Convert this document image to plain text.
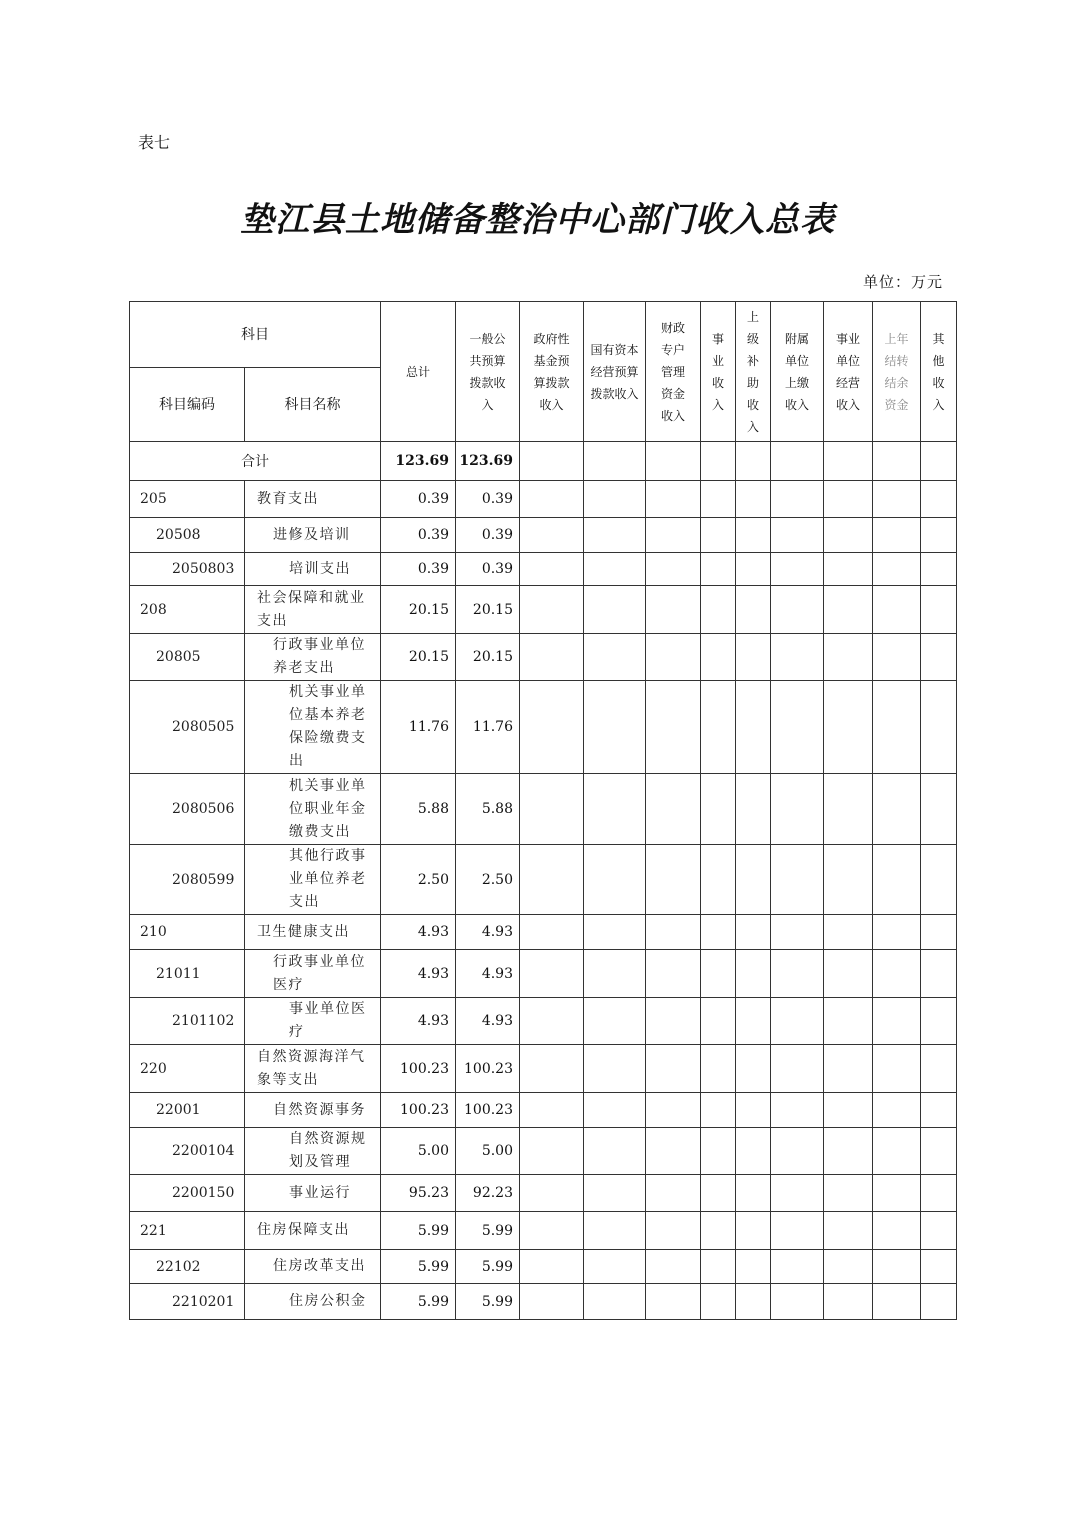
表七
垫江县土地储备整治中心部门收入总表
单位：万元
科目		总计	一般公共预算拨款收入	政府性基金预算拨款收入	国有资本经营预算拨款收入	财政专户管理资金收入	事业收入	上级补助收入	附属单位上缴收入	事业单位经营收入	上年结转结余资金	其他收入
科目编码	科目名称											
合计		123.69	123.69									
205	教育支出	0.39	0.39									
20508	进修及培训	0.39	0.39									
2050803	培训支出	0.39	0.39									
208	社会保障和就业支出	20.15	20.15									
20805	行政事业单位养老支出	20.15	20.15									
2080505	机关事业单位基本养老保险缴费支出	11.76	11.76									
2080506	机关事业单位职业年金缴费支出	5.88	5.88									
2080599	其他行政事业单位养老支出	2.50	2.50									
210	卫生健康支出	4.93	4.93									
21011	行政事业单位医疗	4.93	4.93									
2101102	事业单位医疗	4.93	4.93									
220	自然资源海洋气象等支出	100.23	100.23									
22001	自然资源事务	100.23	100.23									
2200104	自然资源规划及管理	5.00	5.00									
2200150	事业运行	95.23	92.23									
221	住房保障支出	5.99	5.99									
22102	住房改革支出	5.99	5.99									
2210201	住房公积金	5.99	5.99									
